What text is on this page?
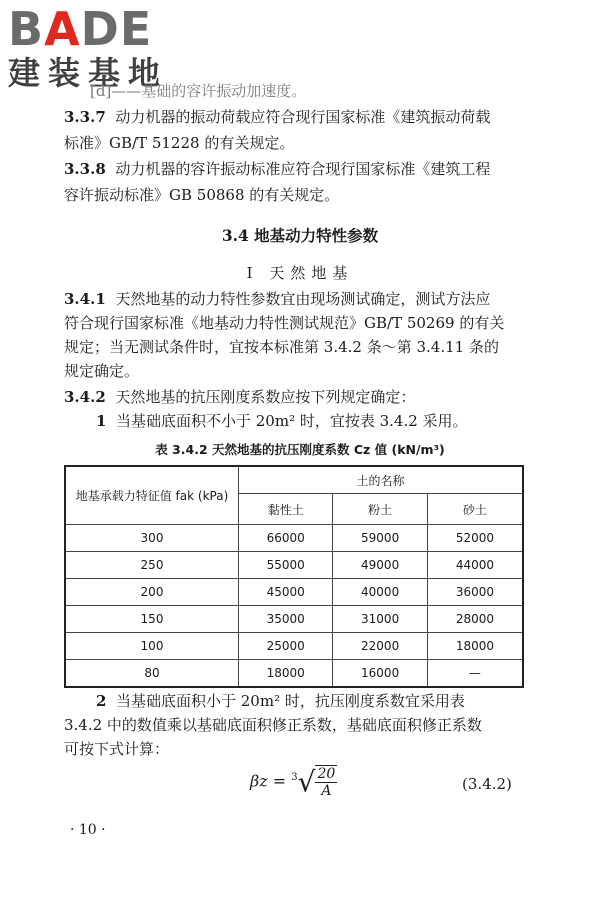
BADE
建装基地
[d]——基础的容许振动加速度。
3.3.7 动力机器的振动荷载应符合现行国家标准《建筑振动荷载
标准》GB/T 51228 的有关规定。
3.3.8 动力机器的容许振动标准应符合现行国家标准《建筑工程
容许振动标准》GB 50868 的有关规定。
3.4 地基动力特性参数
Ⅰ 天然地基
3.4.1 天然地基的动力特性参数宜由现场测试确定，测试方法应
符合现行国家标准《地基动力特性测试规范》GB/T 50269 的有关
规定；当无测试条件时，宜按本标准第 3.4.2 条～第 3.4.11 条的
规定确定。
3.4.2 天然地基的抗压刚度系数应按下列规定确定：
1 当基础底面积不小于 20m² 时，宜按表 3.4.2 采用。
表 3.4.2 天然地基的抗压刚度系数 Cz 值 (kN/m³)
地基承载力特征值 fak (kPa)	土的名称		
	黏性土	粉土	砂土
300	66000	59000	52000
250	55000	49000	44000
200	45000	40000	36000
150	35000	31000	28000
100	25000	22000	18000
80	18000	16000	—
2 当基础底面积小于 20m² 时，抗压刚度系数宜采用表
3.4.2 中的数值乘以基础底面积修正系数，基础底面积修正系数
可按下式计算：
$\beta z = ^3√ \frac{20}{A}$	(3.4.2)
· 10 ·
